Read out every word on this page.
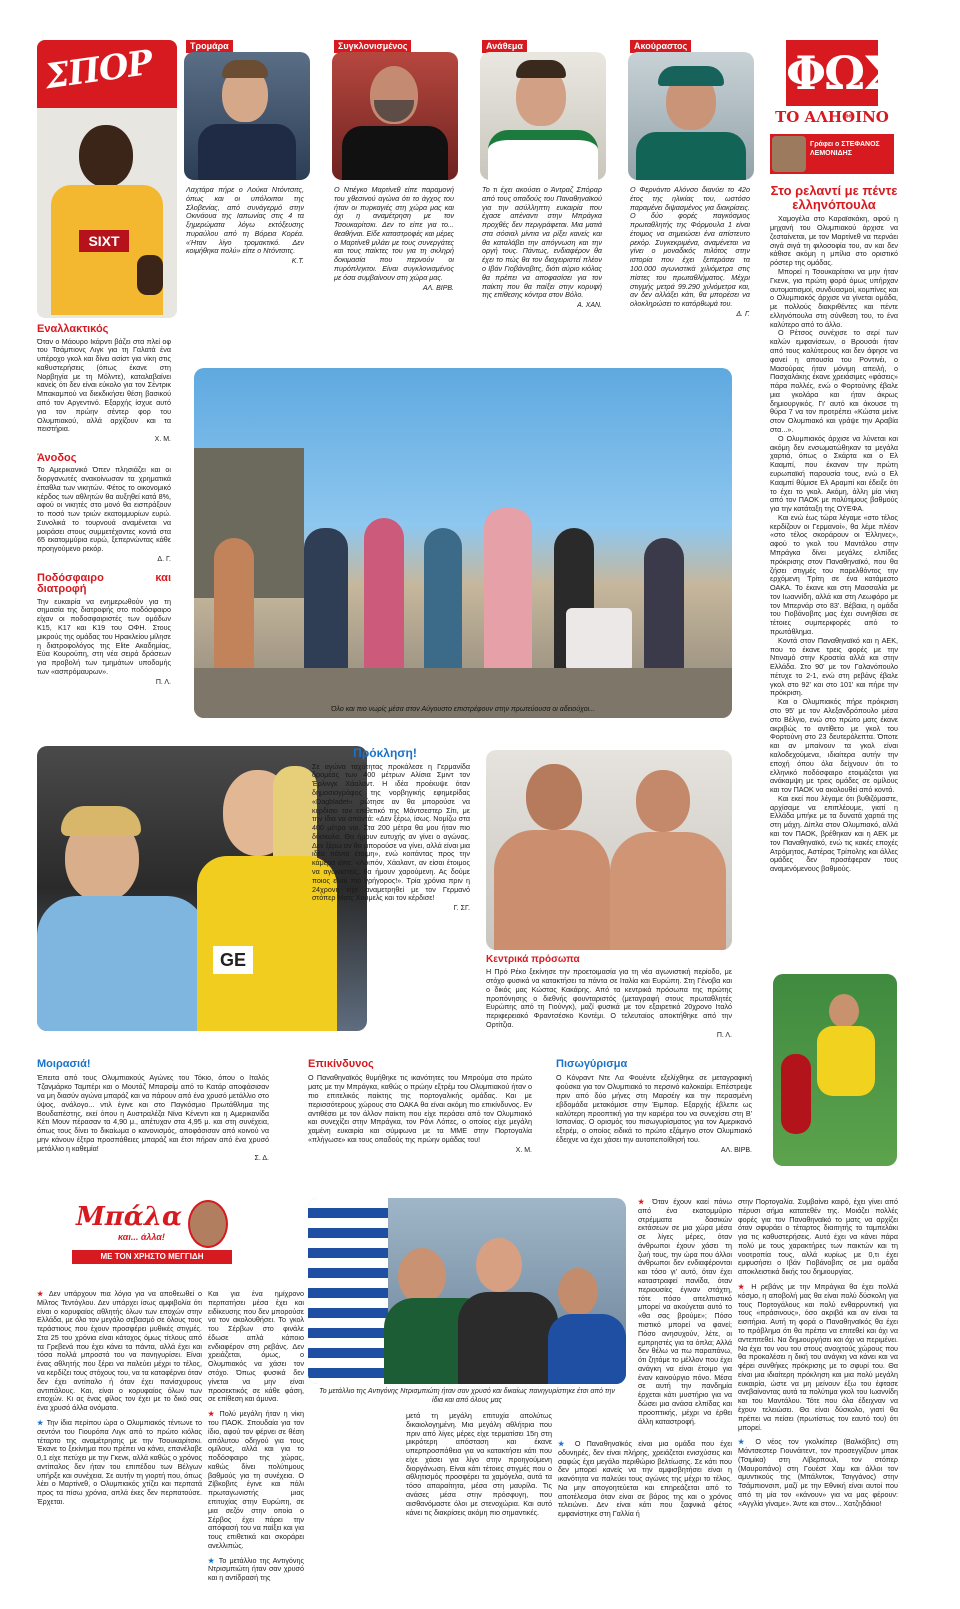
ΣΠΟΡ
SIXT
Τρομάρα
Λαχτάρα πήρε ο Λούκα Ντόντσιτς, όπως και οι υπόλοιποι της Σλοβενίας, από συνάγερμό στην Οκινάουα της Ιαπωνίας στις 4 τα ξημερώματα λόγω εκτόξευσης πυραύλου από τη Βόρεια Κορέα. «Ήταν λίγο τρομακτικό. Δεν κοιμήθηκα πολύ» είπε ο Ντόντσιτς.
Κ.Τ.
Συγκλονισμένος
Ο Ντιέγκο Μαρτίνεθ είπε παραμονή του χθεσινού αγώνα ότι το άγχος του ήταν οι πυρκαγιές στη χώρα μας και όχι η αναμέτρηση με τον Τσουκαρίτσκι. Δεν το είπε για το... θεαθήναι. Είδε καταστροφές και μέρες ο Μαρτίνεθ μιλάει με τους συνεργάτες και τους παίκτες του για τη σκληρή δοκιμασία που περνούν οι πυρόπληκτοι. Είναι συγκλονισμένος με όσα συμβαίνουν στη χώρα μας.
ΑΛ. ΒΙΡΒ.
Ανάθεμα
Το τι έχει ακούσει ο Άντραζ Σπόραρ από τους οπαδούς του Παναθηναϊκού για την ασύλληπτη ευκαιρία που έχασε απέναντι στην Μπράγκα προχθές δεν περιγράφεται. Μια ματιά στα σόσιαλ μίντια να ρίξει κανείς και θα καταλάβει την απόγνωση και την οργή τους. Πάντως, ενδιαφέρον θα έχει το πώς θα τον διαχειριστεί πλέον ο Ιβάν Γιοβάνοβιτς, διότι αύριο κιόλας θα πρέπει να αποφασίσει για τον παίκτη που θα παίξει στην κορυφή της επίθεσης κόντρα στον Βόλο.
Α. ΧΑΝ.
Ακούραστος
Ο Φερνάντο Αλόνσο διανύει το 42ο έτος της ηλικίας του, ωστόσο παραμένει διψασμένος για διακρίσεις. Ο δύο φορές παγκόσμιος πρωταθλητής της Φόρμουλα 1 είναι έτοιμος να σημειώσει ένα απίστευτο ρεκόρ. Συγκεκριμένα, αναμένεται να γίνει ο μοναδικός πιλότος στην ιστορία που έχει ξεπεράσει τα 100.000 αγωνιστικά χιλιόμετρα στις πίστες του πρωταθλήματος. Μέχρι στιγμής μετρά 99.290 χιλιόμετρα και, αν δεν αλλάξει κάτι, θα μπορέσει να ολοκληρώσει το κατόρθωμά του.
Δ. Γ.
ΦΩΣ
ΤΟ ΑΛΗΘΙΝΟ
Γράφει ο ΣΤΕΦΑΝΟΣ ΛΕΜΟΝΙΔΗΣ
Εναλλακτικός
Όταν ο Μάουρο Ικάρντι βάζει στα πλεί οφ του Τσάμπιονς Λιγκ για τη Γαλατά ένα υπέροχο γκολ και δίνει ασίστ για νίκη στις καθυστερήσεις (όπως έκανε στη Νορβηγία με τη Μόλντε), καταλαβαίνει κανείς ότι δεν είναι εύκολο για τον Σέντρικ Μπακαμπού να διεκδικήσει θέση βασικού από τον Αργεντινό. Εξαρχής ίσχυε αυτό για τον πρώην σέντερ φορ του Ολυμπιακού, αλλά αρχίζουν και τα πειστήρια.
Χ. Μ.
Άνοδος
Το Αμερικανικό Όπεν πλησιάζει και οι διοργανωτές ανακοίνωσαν τα χρηματικά έπαθλα των νικητών. Φέτος το οικονομικό κέρδος των αθλητών θα αυξηθεί κατά 8%, αφού οι νικητές στο μονό θα εισπράξουν το ποσό των τριών εκατομμυρίων ευρώ. Συνολικά το τουρνουά αναμένεται να μοιράσει στους συμμετέχοντες κοντά στα 65 εκατομμύρια ευρώ, ξεπερνώντας κάθε προηγούμενο ρεκόρ.
Δ. Γ.
Ποδόσφαιρο και διατροφή
Την ευκαιρία να ενημερωθούν για τη σημασία της διατροφής στο ποδόσφαιρο είχαν οι ποδοσφαιριστές των ομάδων Κ15, Κ17 και Κ19 του ΟΦΗ. Στους μικρούς της ομάδας του Ηρακλείου μίλησε η διατροφολόγος της Elite Ακαδημίας, Εύα Κουρούπη, στη νέα σειρά δράσεων για προβολή των τμημάτων υποδομής των «ασπρόμαυρων».
Π. Λ.
Όλο και πιο νωρίς μέσα στον Αύγουστο επιστρέφουν στην πρωτεύουσα οι αδειούχοι...
Στο ρελαντί με πέντε ελληνόπουλα

Χαμογέλα στο Καραϊσκάκη, αφού η μηχανή του Ολυμπιακού άρχισε να ζεσταίνεται, με τον Μαρτίνεθ να περνάει σιγά σιγά τη φιλοσοφία του, αν και δεν κάθισε ακόμη η μπίλια στο οριστικό ρόστερ της ομάδας.

Μπορεί η Τσουκαρίτσκι να μην ήταν Γκενκ, για πρώτη φορά όμως υπήρχαν αυτοματισμοί, συνδυασμοί, κομπίνες και ο Ολυμπιακός άρχισε να γίνεται ομάδα, με πολλούς διακριθέντες και πέντε ελληνόπουλα στη σύνθεση του, το ένα καλύτερο από το άλλο.

Ο Ρέτσος συνέχισε το σερί των καλών εμφανίσεων, ο Βρουσάι ήταν από τους καλύτερους και δεν άφησε να φανεί η απουσία του Ροντινέι, ο Μασούρας ήταν μόνιμη απειλή, ο Πασχαλάκης έκανε χρειάσιμες «φάσεις» πάρα πολλές, ενώ ο Φορτούνης έβαλε μια γκολάρα και ήταν άκρως δημιουργικός. Γι' αυτό και άκουσε τη θύρα 7 να τον προτρέπει «Κώστα μείνε στον Ολυμπιακό και γράψε την Αραβία στα...».

Ο Ολυμπιακός άρχισε να λύνεται και ακόμη δεν ενσωματώθηκαν τα μεγάλα χαρτιά, όπως ο Σκάρτα και ο Ελ Κααμπί, που έκαναν την πρώτη ευρωπαϊκή παρουσία τους, ενώ ο Ελ Κααμπί θύμισε Ελ Αραμπί και έδειξε ότι το έχει το γκολ. Ακόμη, άλλη μία νίκη από τον ΠΑΟΚ με πολύτιμους βαθμούς για την κατάταξη της ΟΥΕΦΑ.

Και ενώ έως τώρα λέγαμε «στο τέλος κερδίζουν οι Γερμανοί», θα λέμε πλέον «στο τέλος σκοράρουν οι Έλληνες», αφού το γκολ του Μαντάλου στην Μπράγκα δίνει μεγάλες ελπίδες πρόκρισης στον Παναθηναϊκό, που θα ζήσει στιγμές του παρελθόντος την ερχόμενη Τρίτη σε ένα κατάμεστο ΟΑΚΑ. Το έκανε και στη Μασσαλία με τον Ιωαννίδη, αλλά και στη Λεωφόρο με τον Μπερνάρ στο 83'. Βέβαια, η ομάδα του Γιοβάνοβιτς μας έχει συνηθίσει σε τέτοιες συμπεριφορές από το πρωτάθλημα.

Κοντά στον Παναθηναϊκό και η ΑΕΚ, που το έκανε τρεις φορές με την Ντιναμό στην Κροατία αλλά και στην Ελλάδα. Στο 90' με τον Γαλανόπουλο πέτυχε το 2-1, ενώ στη ρεβάνς έβαλε γκολ στο 92' και στο 101' και πήρε την πρόκριση.

Και ο Ολυμπιακός πήρε πρόκριση στο 95' με τον Αλεξανδρόπουλο μέσα στο Βέλγιο, ενώ στο πρώτο ματς έκανε ακριβώς το αντίθετο με γκολ του Φορτούνη στο 23 δευτερόλεπτα. Όποτε και αν μπαίνουν τα γκολ είναι καλοδεχούμενα, ιδιαίτερα αυτήν την εποχή όπου όλα δείχνουν ότι το ελληνικό ποδόσφαιρο ετοιμάζεται για ανάκαμψη με τρεις ομάδες σε ομίλους και τον ΠΑΟΚ να ακολουθεί από κοντά.

Και εκεί που λέγαμε ότι βυθιζόμαστε, αρχίσαμε να επιπλέουμε, γιατί η Ελλάδα μπήκε με τα δυνατά χαρτιά της στη μάχη. Δίπλα στον Ολυμπιακό, αλλά και τον ΠΑΟΚ, βρέθηκαν και η ΑΕΚ με τον Παναθηναϊκό, ενώ τις κακές εποχές Ατρόμητος, Αστέρας Τρίπολης και άλλες ομάδες δεν προσέφεραν τους αναμενόμενους βαθμούς.

GE
Πρόκληση!
Σε αγώνα ταχύτητας προκάλεσε η Γερμανίδα δρομέας των 400 μέτρων Αλίσια Σμιντ τον Έρλινγκ Χάαλαντ. Η ιδέα προέκυψε όταν δημοσιογράφος της νορβηγικής εφημερίδας «Dagbladet» ρώτησε αν θα μπορούσε να κερδίσει τον επιθετικό της Μάντσεστερ Σίτι, με την ίδια να απαντά: «Δεν ξέρω, ίσως. Νομίζω στα 400 μέτρα ναι. Στα 200 μέτρα θα μου ήταν πιο δύσκολο. Θα ήμουν ευτυχής αν γίνει ο αγώνας. Δεν ξέρω αν θα μπορούσε να γίνει, αλλά είναι μια ιδέα πάντα έτοιμη», ενώ κοιτάντας προς την κάμερα είπε: «Λοιπόν, Χάαλαντ, αν είσαι έτοιμος να αγωνιστείς, θα ήμουν χαρούμενη. Ας δούμε ποιος είναι πιο γρήγορος!». Τρία χρόνια πριν η 24χρονη είχε αναμετρηθεί με τον Γερμανό στόπερ Ματς Χούμελς και τον κέρδισε!
Γ. ΣΓ.
Κεντρικά πρόσωπα
Η Πρό Ρέκο ξεκίνησε την προετοιμασία για τη νέα αγωνιστική περίοδο, με στόχο φυσικά να κατακτήσει τα πάντα σε Ιταλία και Ευρώπη. Στη Γένοβα και ο δικός μας Κώστας Κακάρης. Από τα κεντρικά πρόσωπα της πρώτης προπόνησης ο διεθνής φουνταριστός (μεταγραφή στους πρωταθλητές Ευρώπης από τη Γιούνγκ), μαζί φυσικά με τον εξαιρετικό 20χρονο Ιταλό περιφερειακό Φραντσέσκο Κοντέμι. Ο τελευταίος αποκτήθηκε από την Ορτίτζια.
Π. Λ.
Μοιρασιά!
Έπειτα από τους Ολυμπιακούς Αγώνες του Τόκιο, όπου ο Ιταλός Τζανμάρκο Ταμπέρι και ο Μουτάζ Μπαρσίμ από το Κατάρ αποφάσισαν να μη διασύν αγώνα μπαράζ και να πάρουν από ένα χρυσό μετάλλιο στο ύψος, ανάλογο... ντιλ έγινε και στο Παγκόσμιο Πρωτάθλημα της Βουδαπέστης, εκεί όπου η Αυστραλέζα Νίνα Κένεντι και η Αμερικανίδα Κέτι Μουν πέρασαν τα 4,90 μ., απέτυχαν στα 4,95 μ. και στη συνέχεια, όπως τους δίνει το δικαίωμα ο κανονισμός, αποφάσισαν από κοινού να μην κάνουν έξτρα προσπάθειες μπαράζ και έτσι πήραν από ένα χρυσό μετάλλιο η καθεμία!
Σ. Δ.
Επικίνδυνος
Ο Παναθηναϊκός θυμήθηκε τις ικανότητες του Μπρούμα στο πρώτο ματς με την Μπράγκα, καθώς ο πρώην εξτρέμ του Ολυμπιακού ήταν ο πιο επιτελικός παίκτης της πορτογαλικής ομάδας. Και με περισσότερους χώρους στο ΟΑΚΑ θα είναι ακόμη πιο επικίνδυνος. Εν αντιθέσει με τον άλλον παίκτη που είχε περάσει από τον Ολυμπιακό και συνεχίζει στην Μπράγκα, τον Ρόνι Λόπες, ο οποίος είχε μεγάλη χαμένη ευκαιρία και σύμφωνα με τα ΜΜΕ στην Πορτογαλία «πλήγωσε» και τους οπαδούς της πρώην ομάδας του!
Χ. Μ.
Πισωγύρισμα
Ο Κόνραντ Ντε Λα Φουέντε εξελίχθηκε σε μεταγραφική φούσκα για τον Ολυμπιακό το περσινό καλοκαίρι. Επέστρεψε πριν από δύο μήνες στη Μαρσέιγ και την περασμένη εβδομάδα μετακόμισε στην Έιμπαρ. Εξαρχής έβλεπε ως καλύτερη προοπτική για την καριέρα του να συνεχίσει στη Β' Ισπανίας. Ο ορισμός του πισωγυρίσματος για τον Αμερικανό εξτρέμ, ο οποίος ειδικά το πρώτο εξάμηνο στον Ολυμπιακό έδειχνε να έχει χάσει την αυτοπεποίθησή του.
ΑΛ. ΒΙΡΒ.
Μπάλα
και... άλλα!
ΜΕ ΤΟΝ ΧΡΗΣΤΟ ΜΕΓΓΙΔΗ

★ Δεν υπάρχουν πια λόγια για να αποθεωθεί ο Μίλτος Τεντόγλου. Δεν υπάρχει ίσως αμφιβολία ότι είναι ο κορυφαίος αθλητής όλων των εποχών στην Ελλάδα, με όλο τον μεγάλο σεβασμό σε όλους τους τεράστιους που έχουν προσφέρει μυθικές στιγμές. Στα 25 του χρόνια είναι κάτοχος όμως τίτλους από τα Γρεβενά που έχει κάνει τα πάντα, αλλά έχει και τόσα πολλά μπροστά του να πανηγυρίσει. Είναι ένας αθλητής που ξέρει να παλεύει μέχρι το τέλος, να κερδίζει τους στόχους του, να τα καταφέρνει όταν δεν έχει αντίπαλο ή όταν έχει πανίσχυρους αντιπάλους. Και, είναι ο κορυφαίος όλων των εποχών. Κι ας ένας φίλος τον έχει με το δικό σας ένα χρυσό άλλα ονόματα.

★ Την ίδια περίπου ώρα ο Ολυμπιακός τέντωνε το σεντόνι του Γιουρόπα Λιγκ από το πρώτο κιόλας τέταρτο της αναμέτρησης με την Τσουκαρίτσκι. Έκανε το ξεκίνημα που πρέπει να κάνει, επανέλαβε 0,1 είχε πετύχει με την Γκενκ, αλλά καθώς ο χρόνος αντίπαλος δεν ήταν του επιπέδου των Βέλγων υπήρξε και συνέχεια. Σε αυτήν τη γιορτή που, όπως λέει ο Μαρτίνεθ, ο Ολυμπιακός χτίζει και περπατά προς τα πίσω χρόνια, απλά έκες δεν περπατούσε. Έρχεται.

Και για ένα ημίχρονο περπατήσει μέσα έχει και ειδίκευσης που δεν μπορούσε να τον ακολουθήσει. Το γκολ του Σέρβων στο φινάλε έδωσε απλά κάποιο ενδιαφέρον στη ρεβάνς. Δεν χρειάζεται, όμως, ο Ολυμπιακός να χάσει τον στόχο. Όπως φυσικά δεν γίνεται να μην είναι προσεκτικός σε κάθε φάση, σε επίθεση και άμυνα.

★ Πολύ μεγάλη ήταν η νίκη του ΠΑΟΚ. Σπουδαία για τον ίδιο, αφού τον φέρνει σε θέση απόλυτου οδηγού για τους ομίλους, αλλά και για το ποδόσφαιρο της χώρας, καθώς δίνει πολύτιμους βαθμούς για τη συνέχεια. Ο Ζίβκοβιτς έγινε και πάλι πρωταγωνιστής μιας επιτυχίας στην Ευρώπη, σε μια σεζόν στην οποία ο Σέρβος έχει πάρει την απόφασή του να παίξει και για τους επιθετικά και σκοράρει ανελλιπώς.

★ Το μετάλλιο της Αντιγόνης Ντρισμπιώτη ήταν σαν χρυσό και η αντίδρασή της

Το μετάλλιο της Αντιγόνης Ντρισμπιώτη ήταν σαν χρυσό και δικαίως πανηγυρίστηκε έτσι από την ίδια και από όλους μας

μετά τη μεγάλη επιτυχία απολύτως δικαιολογημένη. Μια μεγάλη αθλήτρια που πριν από λίγες μέρες είχε τερματίσει 15η στη μικρότερη απόσταση και έκανε υπερπροσπάθεια για να κατακτήσει κάτι που είχε χάσει για λίγο στην προηγούμενη διοργάνωση. Είναι κάτι τέτοιες στιγμές που ο αθλητισμός προσφέρει τα χαμόγελα, αυτά τα τόσο απαραίτητα, μέσα στη μαυρίλα. Τις ανάσες μέσα στην πρόσφυγη, που αισθανόμαστε όλοι με στενοχώρια. Και αυτό κάνει τις διακρίσεις ακόμη πιο σημαντικές.

★ Όταν έχουν καεί πάνω από ένα εκατομμύριο στρέμματα δασικών εκτάσεων σε μια χώρα μέσα σε λίγες μέρες, όταν άνθρωποι έχουν χάσει τη ζωή τους, την ώρα που άλλοι άνθρωποι δεν ενδιαφέρονται και τόσο γι' αυτό, όταν έχει καταστραφεί πανίδα, όταν περιουσίες έγιναν στάχτη, τότε πόσο απελπιστικό μπορεί να ακούγεται αυτό το «θα σας βρούμε»; Πόσο πιστικό μπορεί να φανεί; Πόσο ανησυχούν, λέτε, οι εμπρηστές για τα όπλα; Αλλά δεν θέλω να πω παραπάνω, ότι ζητάμε το μέλλον που έχει ανάγκη να είναι έτοιμο για έναν καινούργιο πόνο. Μέσα σε αυτή την πανδημία έρχεται κάτι μυστήριο για να δώσει μια ανάσα ελπίδας και προοπτικής, μέχρι να έρθει άλλη καταστροφή.

★ Ο Παναθηναϊκός είναι μια ομάδα που έχει οδυνηρές, δεν είναι πλήρης, χρειάζεται ενισχύσεις και σαφώς έχει μεγάλο περιθώριο βελτίωσης. Σε κάτι που δεν μπορεί κανείς να την αμφισβητήσει είναι η ικανότητα να παλεύει τους αγώνες της μέχρι το τέλος. Να μην απογοητεύεται και επηρεάζεται από το αποτέλεσμα όταν είναι σε βάρος της και ο χρόνος τελειώνει. Δεν είναι κάτι που ξαφνικά φέτος εμφανίστηκε στη Γαλλία ή

στην Πορτογαλία. Συμβαίνει καιρό, έχει γίνει από πέρυσι σήμα κατατεθέν της. Μοιάζει πολλές φορές για τον Παναθηναϊκό το ματς να αρχίζει όταν σφυράει ο τέταρτος διαιτητής το ταμπελάκι για τις καθυστερήσεις. Αυτό έχει να κάνει πάρα πολύ με τους χαρακτήρες των παικτών και τη νοοτροπία τους, αλλά κυρίως με 0,τι έχει εμφυσήσει ο Ιβάν Γιοβάνοβιτς σε μια ομάδα αποκλειστικά δικής του δημιουργίας.

★ Η ρεβάνς με την Μπράγκα θα έχει πολλά κόσμο, η αποβολή μας θα είναι πολύ δύσκολη για τους Πορτογάλους και πολύ ενθαρρυντική για τους «πράσινους», όσο ακριβά και αν είναι τα εισιτήρια. Αυτή τη φορά ο Παναθηναϊκός θα έχει το πρόβλημα ότι θα πρέπει να επιτεθεί και όχι να αντεπιτεθεί. Να δημιουργήσει και όχι να περιμένει. Να έχει τον νου του στους ανοιχτούς χώρους που θα προκαλέσει η δική του ανάγκη να κάνει και να φέρει συνθήκες πρόκρισης με το σφυρί του. Θα είναι μια ιδιαίτερη πρόκληση και μια πολύ μεγάλη ευκαιρία, ώστε να μη μείνουν έξω του έφτασε ανεβαίνοντας αυτά τα πολύτιμα γκολ του Ιωαννίδη και του Μαντάλου. Τότε που όλα έδειχναν να έχουν τελειώσει. Θα είναι δύσκολο, γιατί θα πρέπει να πείσει (πρωτίστως τον εαυτό του) ότι μπορεί.

★ Ο νέος τον γκολκίπερ (Βαλκόβιτς) στη Μάντσεστερ Γιουνάιτεντ, τον προσεγγίζουν μπακ (Τσιμίκα) στη Λίβερπουλ, τον στόπερ (Μαυροπάνο) στη Γουέστ Χαμ και άλλοι τον αμυντικούς της (Μπάλντοκ, Τσιγγάνος) στην Τσάμπιονσιπ, μαζί με την Εθνική είναι αυτοί που από τη μία τον «κάνουν» για να μας φέρουν: «Αγγλία γίναμε». Άντε και στον... Χατζηδάκιο!
